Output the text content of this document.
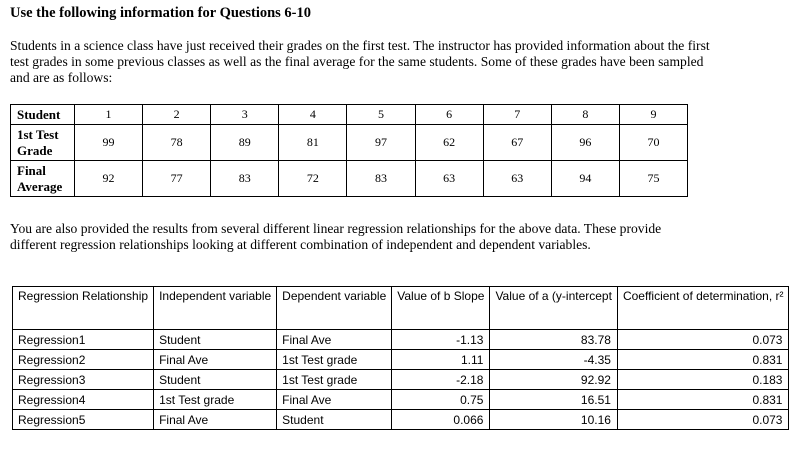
Use the following information for Questions 6-10
Students in a science class have just received their grades on the first test. The instructor has provided information about the first test grades in some previous classes as well as the final average for the same students. Some of these grades have been sampled and are as follows:
Student	1	2	3	4	5	6	7	8	9
1st Test Grade	99	78	89	81	97	62	67	96	70
Final Average	92	77	83	72	83	63	63	94	75
You are also provided the results from several different linear regression relationships for the above data. These provide different regression relationships looking at different combination of independent and dependent variables.
Regression Relationship	Independent variable	Dependent variable	Value of b Slope	Value of a (y-intercept	Coefficient of determination, r²
Regression1	Student	Final Ave	-1.13	83.78	0.073
Regression2	Final Ave	1st Test grade	1.11	-4.35	0.831
Regression3	Student	1st Test grade	-2.18	92.92	0.183
Regression4	1st Test grade	Final Ave	0.75	16.51	0.831
Regression5	Final Ave	Student	0.066	10.16	0.073
